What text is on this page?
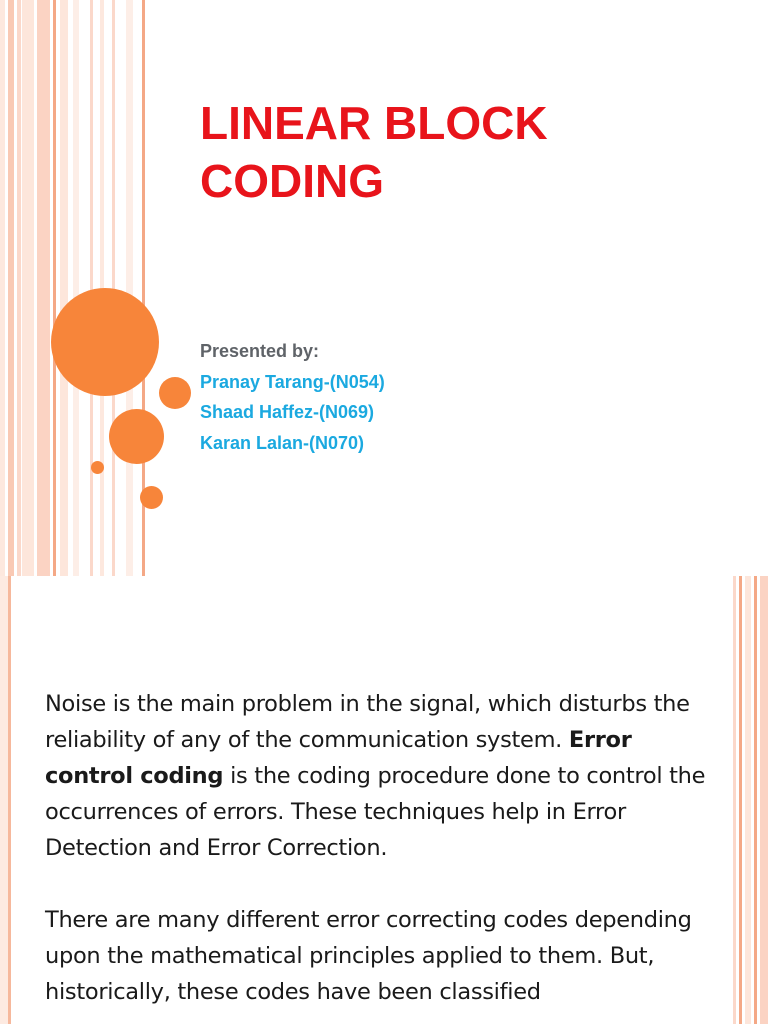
LINEAR BLOCK
CODING
Presented by:
Pranay Tarang-(N054)
Shaad Haffez-(N069)
Karan Lalan-(N070)

Noise is the main problem in the signal, which disturbs the reliability of any of the communication system. Error control coding is the coding procedure done to control the occurrences of errors. These techniques help in Error Detection and Error Correction.

There are many different error correcting codes depending upon the mathematical principles applied to them. But, historically, these codes have been classified
